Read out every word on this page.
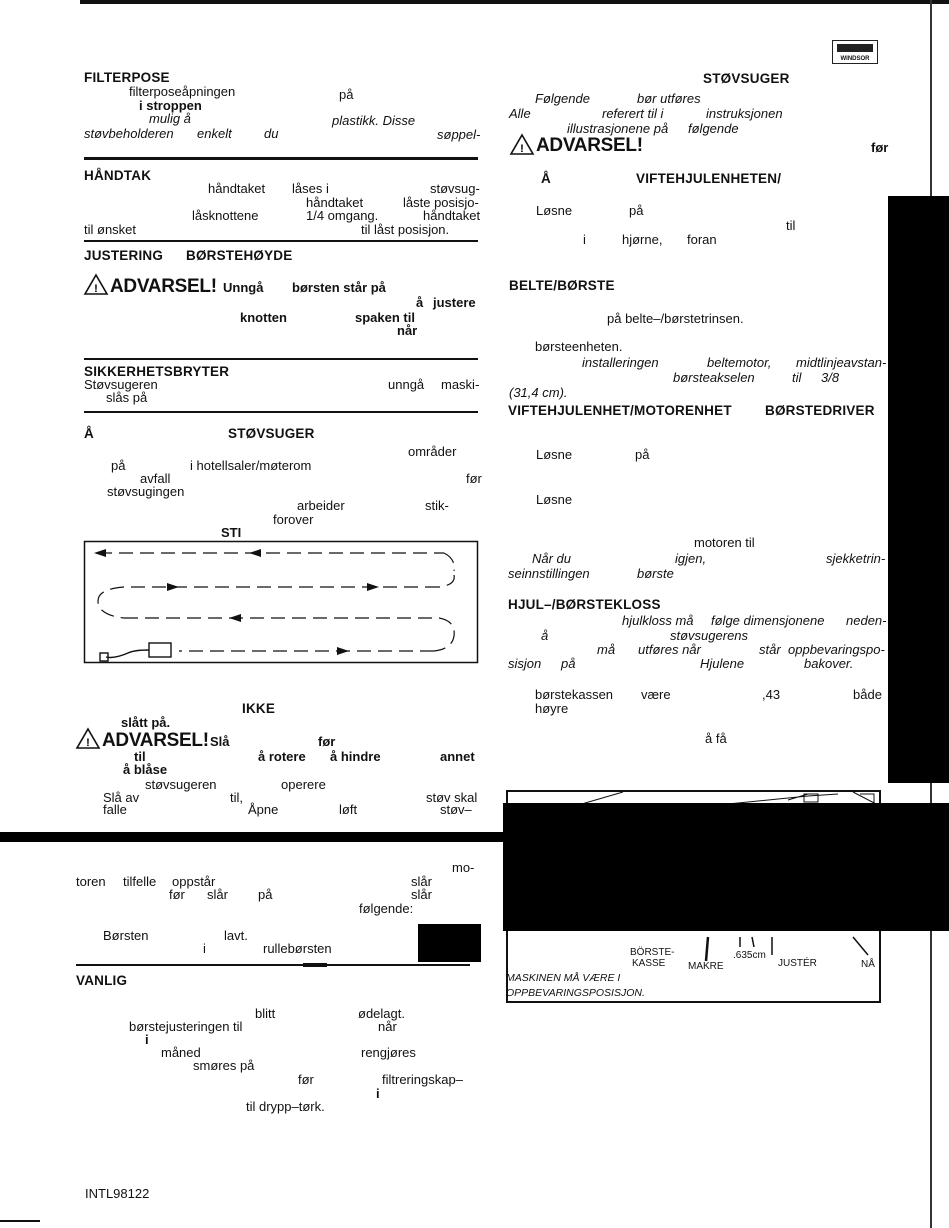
WINDSOR
FILTERPOSE
filterposeåpningen	på
i stroppen
mulig å	plastikk. Disse
støvbeholderen enkelt du	søppel-
HÅNDTAK
håndtaket låses i	støvsug-
håndtaket	låste posisjo-
låsknottene	1/4 omgang.	håndtaket
til ønsket	til låst posisjon.
JUSTERING BØRSTEHØYDE
! ADVARSEL! Unngå børsten står på
å justere
knotten	spaken til
når
SIKKERHETSBRYTER
Støvsugeren	unngå maski-
slås på
Å	STØVSUGER
områder
på	i hotellsaler/møterom
avfall	før
støvsugingen
arbeider	stik-
forover
STI
IKKE
slått på.
! ADVARSEL! Slå	før
til	å rotere å hindre	annet
å blåse
støvsugeren	operere
Slå av	til,	støv skal
falle	Åpne	løft	støv–
mo-
toren tilfelle oppstår	slår
før slår på	slår
følgende:
Børsten	lavt.
i	rullebørsten
VANLIG
blitt	ødelagt.
børstejusteringen til	når
i
måned	rengjøres
smøres på
før	filtreringskap–
i
til drypp–tørk.
INTL98122
STØVSUGER
Følgende	bør utføres
Alle	referert til i	instruksjonen
illustrasjonene på følgende
! ADVARSEL!	før
Å	VIFTEHJULENHETEN/
Løsne	på
til
i	hjørne, foran
BELTE/BØRSTE
på belte–/børstetrinsen.
børsteenheten.
installeringen	beltemotor, midtlinjeavstan-
børsteakselen	til 3/8
(31,4 cm).
VIFTEHJULENHET/MOTORENHET BØRSTEDRIVER
Løsne	på
Løsne
motoren til
Når du	igjen,	sjekketrin-
seinnstillingen	børste
HJUL–/BØRSTEKLOSS
hjulkloss må følge dimensjonene neden-
å	støvsugerens
må utføres når	står oppbevaringspo-
sisjon på	Hjulene	bakover.
børstekassen være	,43	både
høyre
å få
BÖRSTE-
KASSE MAKRE
.635cm
JUSTÉR	NÅ
MASKINEN MÅ VÆRE I
OPPBEVARINGSPOSISJON.
